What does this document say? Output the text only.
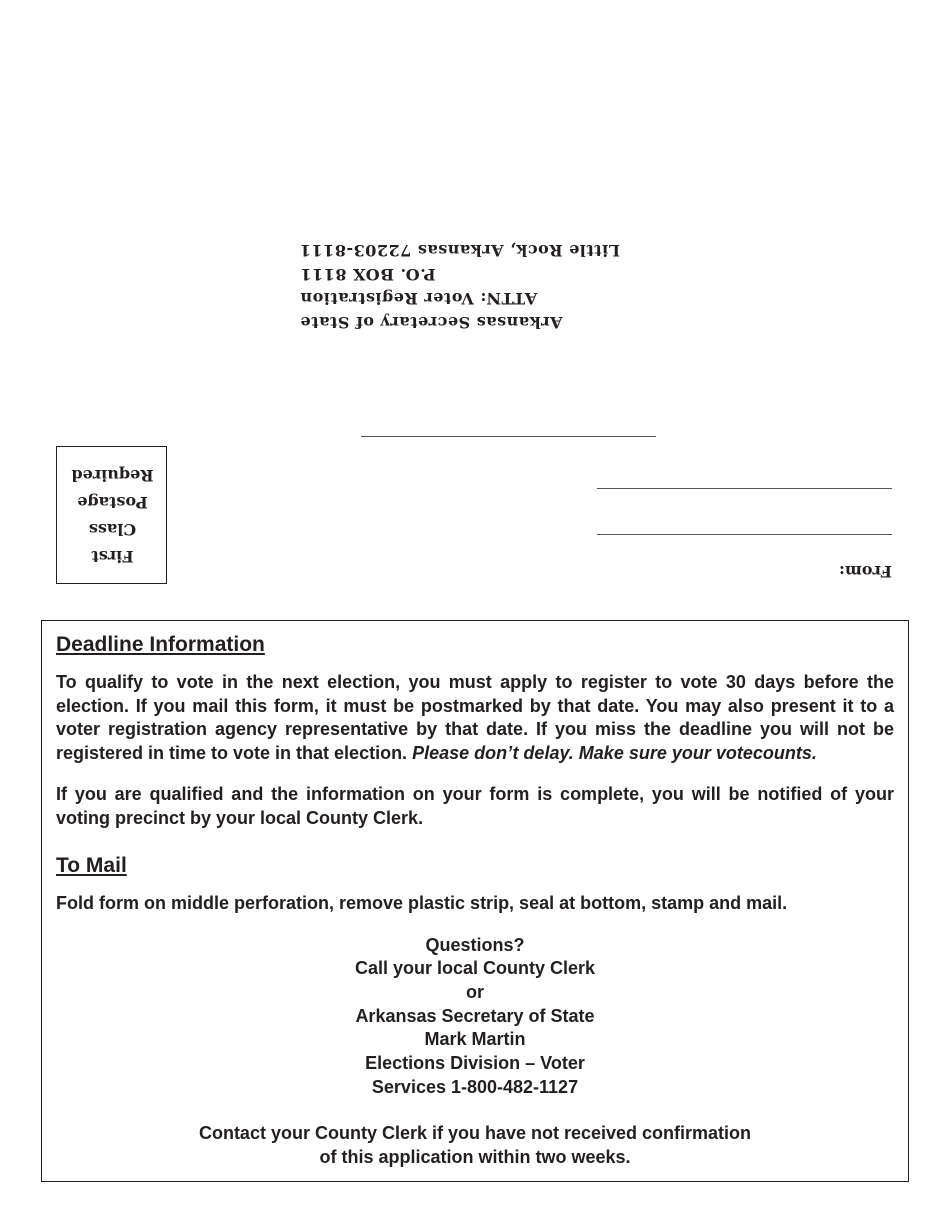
Arkansas Secretary of State
ATTN: Voter Registration
P.O. BOX 8111
Little Rock, Arkansas 72203-8111
First
Class
Postage
Required
From:
Deadline Information

To qualify to vote in the next election, you must apply to register to vote 30 days before the election. If you mail this form, it must be postmarked by that date. You may also present it to a voter registration agency representative by that date. If you miss the deadline you will not be registered in time to vote in that election. Please don’t delay. Make sure your votecounts.

If you are qualified and the information on your form is complete, you will be notified of your voting precinct by your local County Clerk.

To Mail

Fold form on middle perforation, remove plastic strip, seal at bottom, stamp and mail.

Questions?
Call your local County Clerk
or
Arkansas Secretary of State
Mark Martin
Elections Division – Voter
Services 1-800-482-1127
Contact your County Clerk if you have not received confirmation
of this application within two weeks.
